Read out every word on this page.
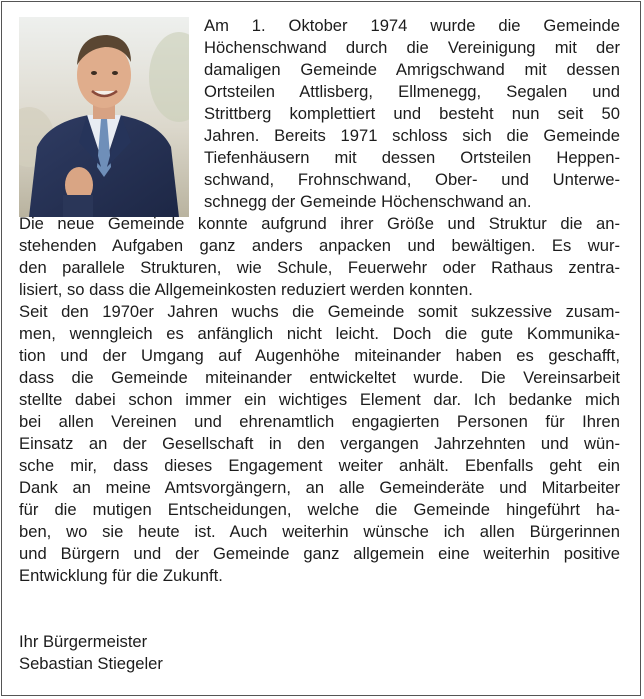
Am 1. Oktober 1974 wurde die Gemeinde

Höchenschwand durch die Vereinigung mit der

damaligen Gemeinde Amrigschwand mit dessen

Ortsteilen Attlisberg, Ellmenegg, Segalen und

Strittberg komplettiert und besteht nun seit 50

Jahren. Bereits 1971 schloss sich die Gemeinde

Tiefenhäusern mit dessen Ortsteilen Heppen-

schwand, Frohnschwand, Ober- und Unterwe-

schnegg der Gemeinde Höchenschwand an.

Die neue Gemeinde konnte aufgrund ihrer Größe und Struktur die an-

stehenden Aufgaben ganz anders anpacken und bewältigen. Es wur-

den parallele Strukturen, wie Schule, Feuerwehr oder Rathaus zentra-

lisiert, so dass die Allgemeinkosten reduziert werden konnten.

Seit den 1970er Jahren wuchs die Gemeinde somit sukzessive zusam-

men, wenngleich es anfänglich nicht leicht. Doch die gute Kommunika-

tion und der Umgang auf Augenhöhe miteinander haben es geschafft,

dass die Gemeinde miteinander entwickeltet wurde. Die Vereinsarbeit

stellte dabei schon immer ein wichtiges Element dar. Ich bedanke mich

bei allen Vereinen und ehrenamtlich engagierten Personen für Ihren

Einsatz an der Gesellschaft in den vergangen Jahrzehnten und wün-

sche mir, dass dieses Engagement weiter anhält. Ebenfalls geht ein

Dank an meine Amtsvorgängern, an alle Gemeinderäte und Mitarbeiter

für die mutigen Entscheidungen, welche die Gemeinde hingeführt ha-

ben, wo sie heute ist. Auch weiterhin wünsche ich allen Bürgerinnen

und Bürgern und der Gemeinde ganz allgemein eine weiterhin positive

Entwicklung für die Zukunft.

Ihr Bürgermeister

Sebastian Stiegeler
